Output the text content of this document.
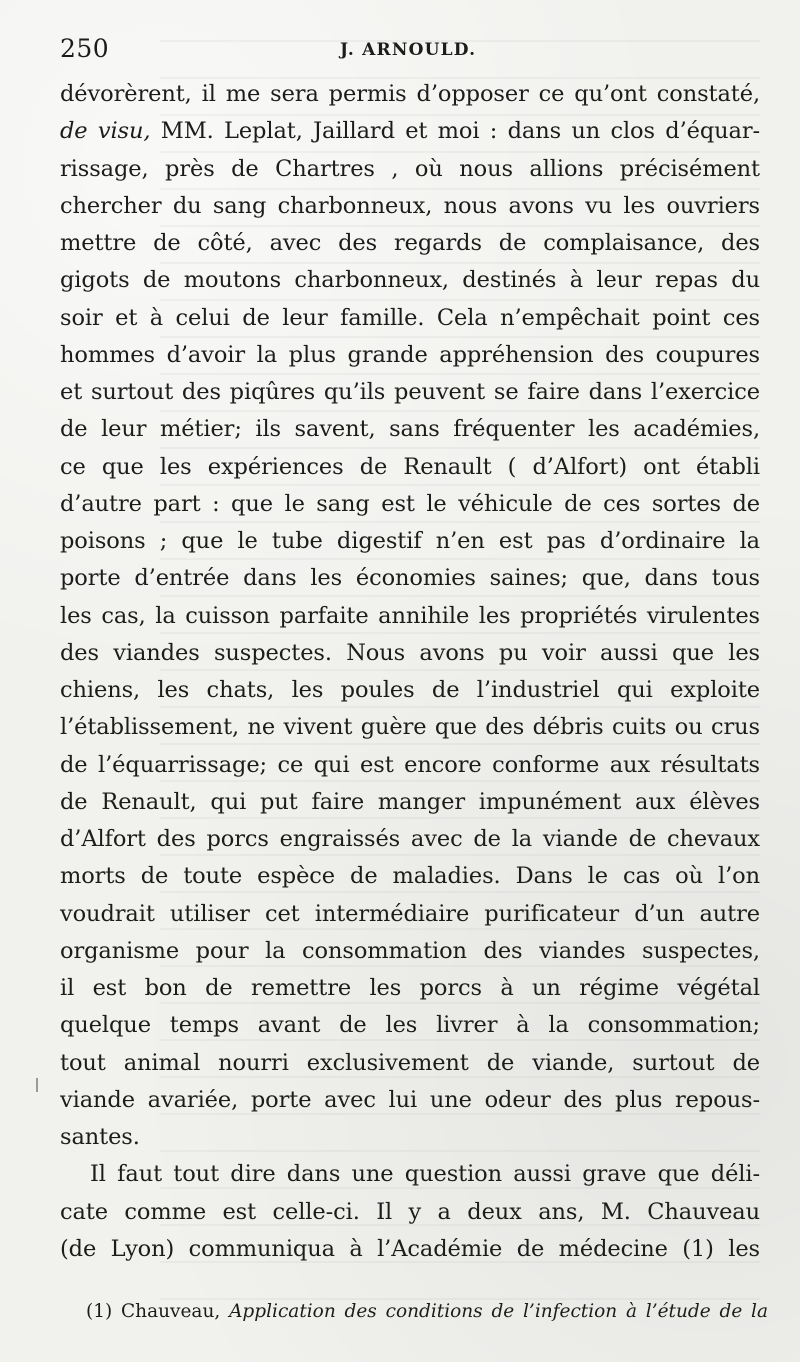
250	J. ARNOULD.
dévorèrent, il me sera permis d’opposer ce qu’ont constaté,
de visu, MM. Leplat, Jaillard et moi : dans un clos d’équar-
rissage, près de Chartres , où nous allions précisément
chercher du sang charbonneux, nous avons vu les ouvriers
mettre de côté, avec des regards de complaisance, des
gigots de moutons charbonneux, destinés à leur repas du
soir et à celui de leur famille. Cela n’empêchait point ces
hommes d’avoir la plus grande appréhension des coupures
et surtout des piqûres qu’ils peuvent se faire dans l’exercice
de leur métier; ils savent, sans fréquenter les académies,
ce que les expériences de Renault ( d’Alfort) ont établi
d’autre part : que le sang est le véhicule de ces sortes de
poisons ; que le tube digestif n’en est pas d’ordinaire la
porte d’entrée dans les économies saines; que, dans tous
les cas, la cuisson parfaite annihile les propriétés virulentes
des viandes suspectes. Nous avons pu voir aussi que les
chiens, les chats, les poules de l’industriel qui exploite
l’établissement, ne vivent guère que des débris cuits ou crus
de l’équarrissage; ce qui est encore conforme aux résultats
de Renault, qui put faire manger impunément aux élèves
d’Alfort des porcs engraissés avec de la viande de chevaux
morts de toute espèce de maladies. Dans le cas où l’on
voudrait utiliser cet intermédiaire purificateur d’un autre
organisme pour la consommation des viandes suspectes,
il est bon de remettre les porcs à un régime végétal
quelque temps avant de les livrer à la consommation;
tout animal nourri exclusivement de viande, surtout de
viande avariée, porte avec lui une odeur des plus repous-
santes.
Il faut tout dire dans une question aussi grave que déli-
cate comme est celle-ci. Il y a deux ans, M. Chauveau
(de Lyon) communiqua à l’Académie de médecine (1) les
(1) Chauveau, Application des conditions de l’infection à l’étude de la
